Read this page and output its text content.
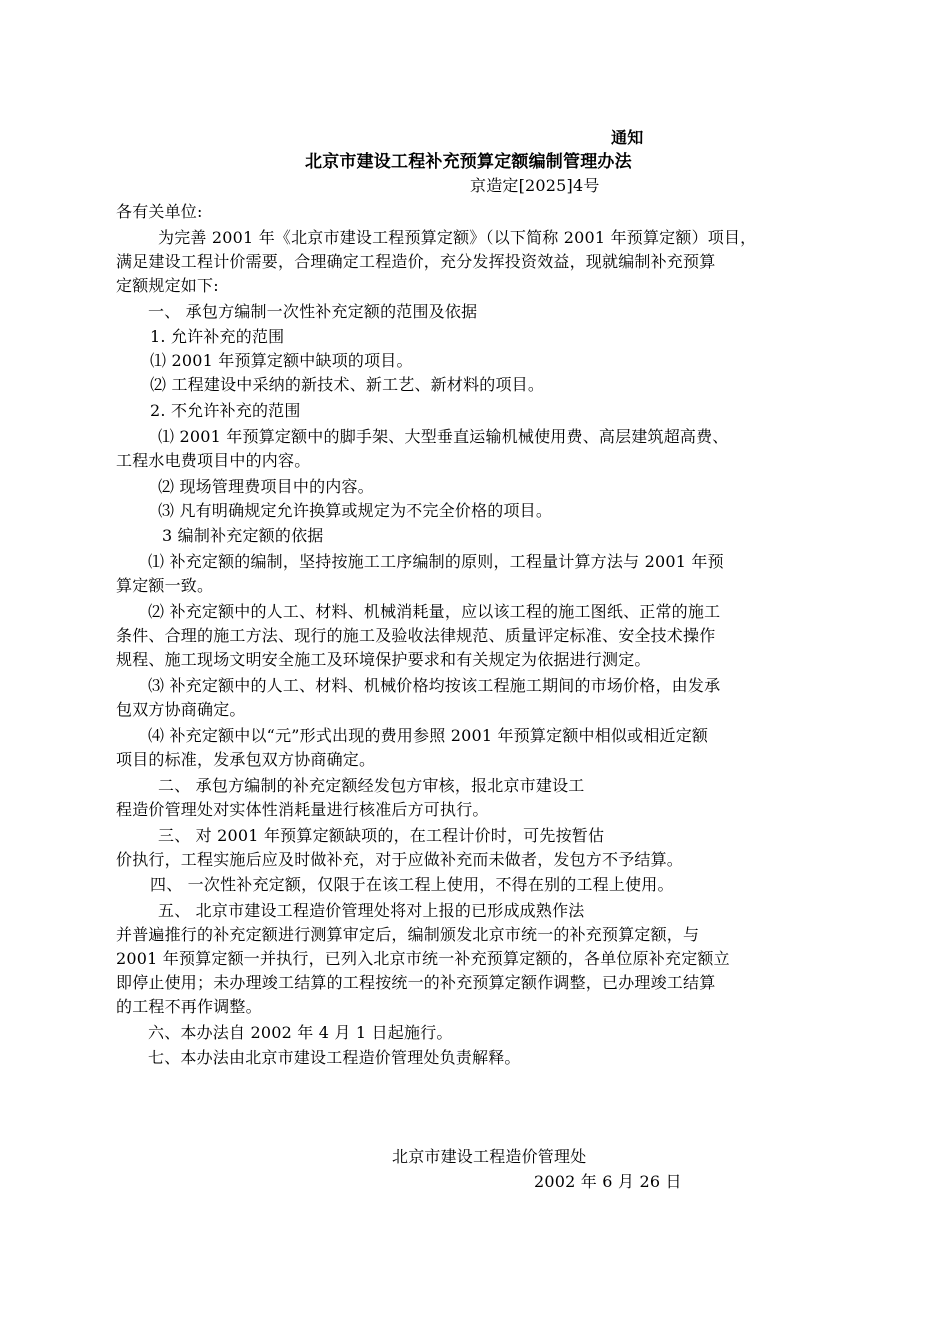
通知
北京市建设工程补充预算定额编制管理办法
京造定[2025]4号
各有关单位:
为完善 2001 年《北京市建设工程预算定额》（以下简称 2001 年预算定额）项目，
满足建设工程计价需要，合理确定工程造价，充分发挥投资效益，现就编制补充预算
定额规定如下:
一、 承包方编制一次性补充定额的范围及依据
1. 允许补充的范围
⑴ 2001 年预算定额中缺项的项目。
⑵ 工程建设中采纳的新技术、新工艺、新材料的项目。
2. 不允许补充的范围
⑴ 2001 年预算定额中的脚手架、大型垂直运输机械使用费、高层建筑超高费、
工程水电费项目中的内容。
⑵ 现场管理费项目中的内容。
⑶ 凡有明确规定允许换算或规定为不完全价格的项目。
3 编制补充定额的依据
⑴ 补充定额的编制，坚持按施工工序编制的原则，工程量计算方法与 2001 年预
算定额一致。
⑵ 补充定额中的人工、材料、机械消耗量，应以该工程的施工图纸、正常的施工
条件、合理的施工方法、现行的施工及验收法律规范、质量评定标准、安全技术操作
规程、施工现场文明安全施工及环境保护要求和有关规定为依据进行测定。
⑶ 补充定额中的人工、材料、机械价格均按该工程施工期间的市场价格，由发承
包双方协商确定。
⑷ 补充定额中以“元”形式出现的费用参照 2001 年预算定额中相似或相近定额
项目的标准，发承包双方协商确定。
二、 承包方编制的补充定额经发包方审核，报北京市建设工
程造价管理处对实体性消耗量进行核准后方可执行。
三、 对 2001 年预算定额缺项的，在工程计价时，可先按暂估
价执行，工程实施后应及时做补充，对于应做补充而未做者，发包方不予结算。
四、 一次性补充定额，仅限于在该工程上使用，不得在别的工程上使用。
五、 北京市建设工程造价管理处将对上报的已形成成熟作法
并普遍推行的补充定额进行测算审定后，编制颁发北京市统一的补充预算定额，与
2001 年预算定额一并执行，已列入北京市统一补充预算定额的，各单位原补充定额立
即停止使用；未办理竣工结算的工程按统一的补充预算定额作调整，已办理竣工结算
的工程不再作调整。
六、本办法自 2002 年 4 月 1 日起施行。
七、本办法由北京市建设工程造价管理处负责解释。
北京市建设工程造价管理处
2002 年 6 月 26 日
